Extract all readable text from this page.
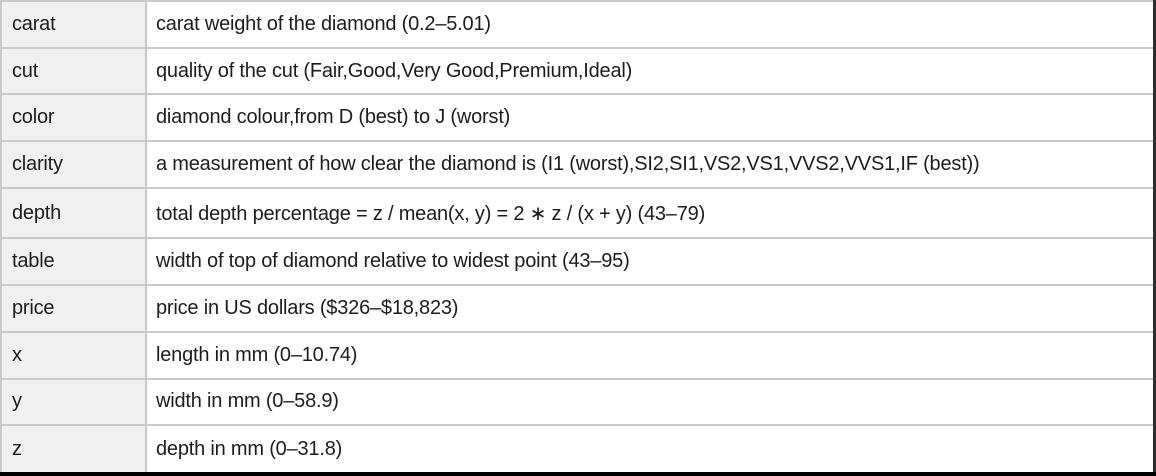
carat	carat weight of the diamond (0.2–5.01)
cut	quality of the cut (Fair,Good,Very Good,Premium,Ideal)
color	diamond colour,from D (best) to J (worst)
clarity	a measurement of how clear the diamond is (I1 (worst),SI2,SI1,VS2,VS1,VVS2,VVS1,IF (best))
depth	total depth percentage = z / mean(x, y) = 2 ∗ z / (x + y) (43–79)
table	width of top of diamond relative to widest point (43–95)
price	price in US dollars ($326–$18,823)
x	length in mm (0–10.74)
y	width in mm (0–58.9)
z	depth in mm (0–31.8)
